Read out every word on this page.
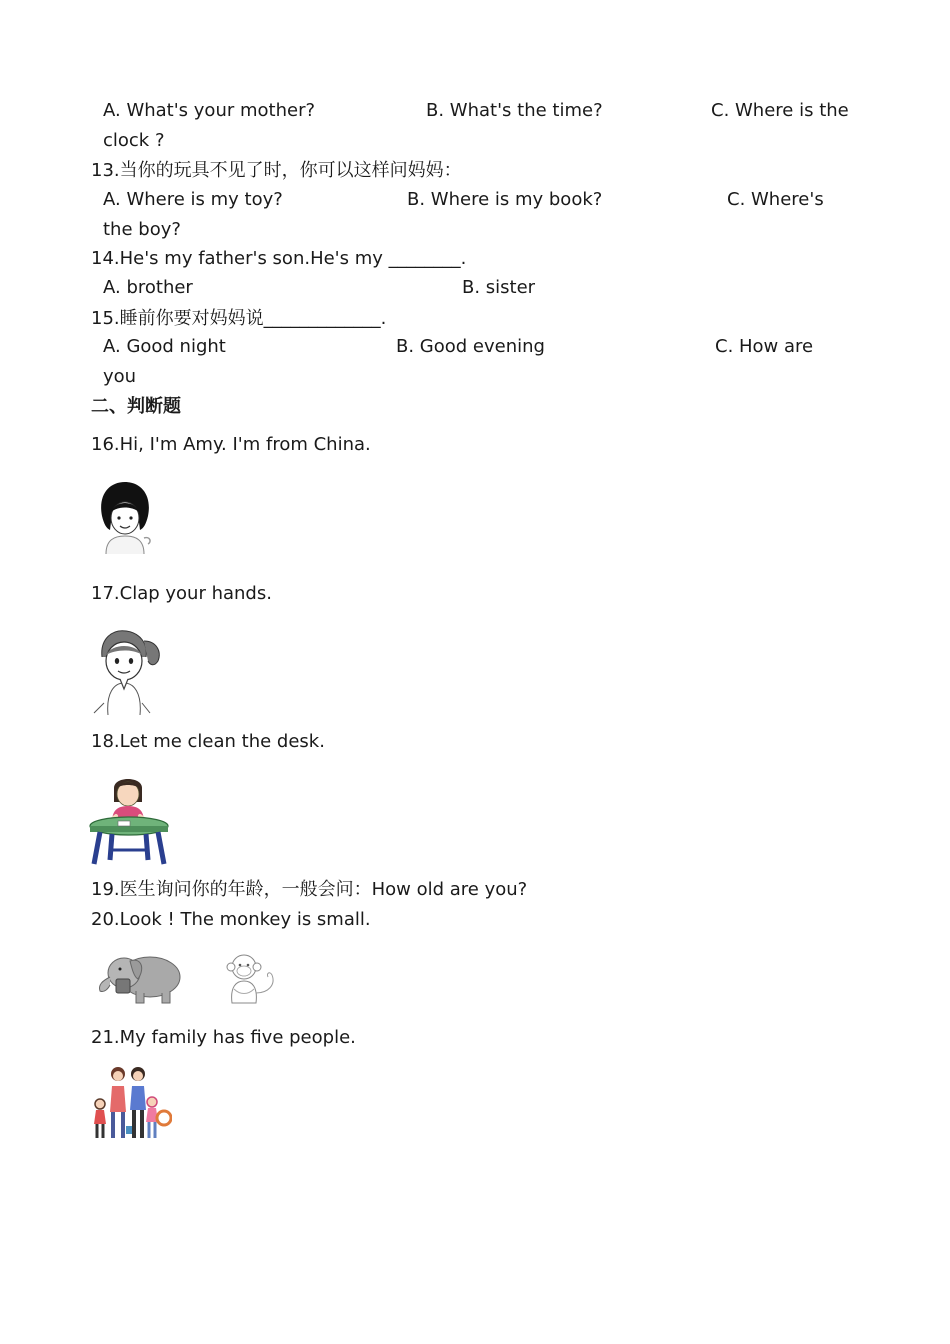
A. What's your mother?	B. What's the time?	C. Where is the
clock ?
13.当你的玩具不见了时，你可以这样问妈妈：
A. Where is my toy?	B. Where is my book?	C. Where's
the boy?
14.He's my father's son.He's my ________.
A. brother	B. sister
15.睡前你要对妈妈说_____________.
A. Good night	B. Good evening	C. How are
you
二、判断题
16.Hi, I'm Amy. I'm from China.
17.Clap your hands.
18.Let me clean the desk.
19.医生询问你的年龄，一般会问：How old are you?
20.Look ! The monkey is small.
21.My family has five people.
